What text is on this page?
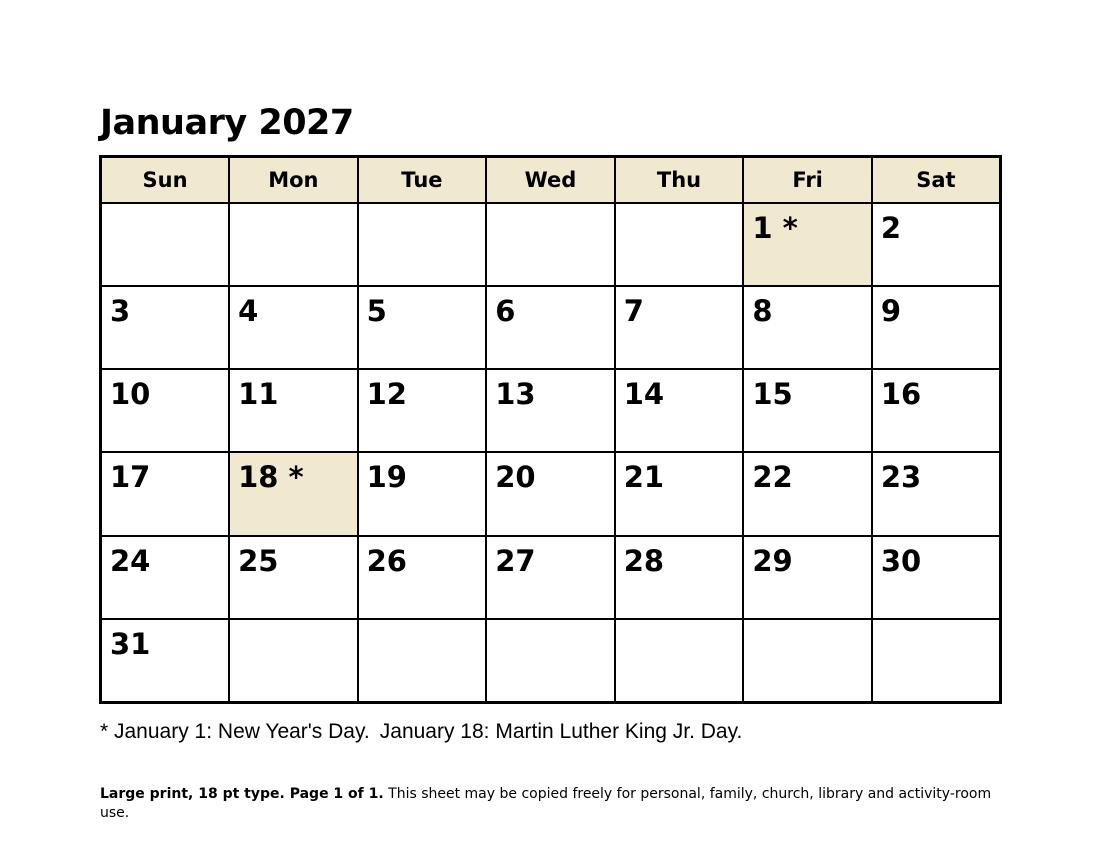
January 2027
Sun	Mon	Tue	Wed	Thu	Fri	Sat

					1 *	2

3	4	5	6	7	8	9

10	11	12	13	14	15	16

17	18 *	19	20	21	22	23

24	25	26	27	28	29	30

31						

* January 1: New Year's Day. January 18: Martin Luther King Jr. Day.
Large print, 18 pt type. Page 1 of 1. This sheet may be copied freely for personal, family, church, library and activity-room use.
